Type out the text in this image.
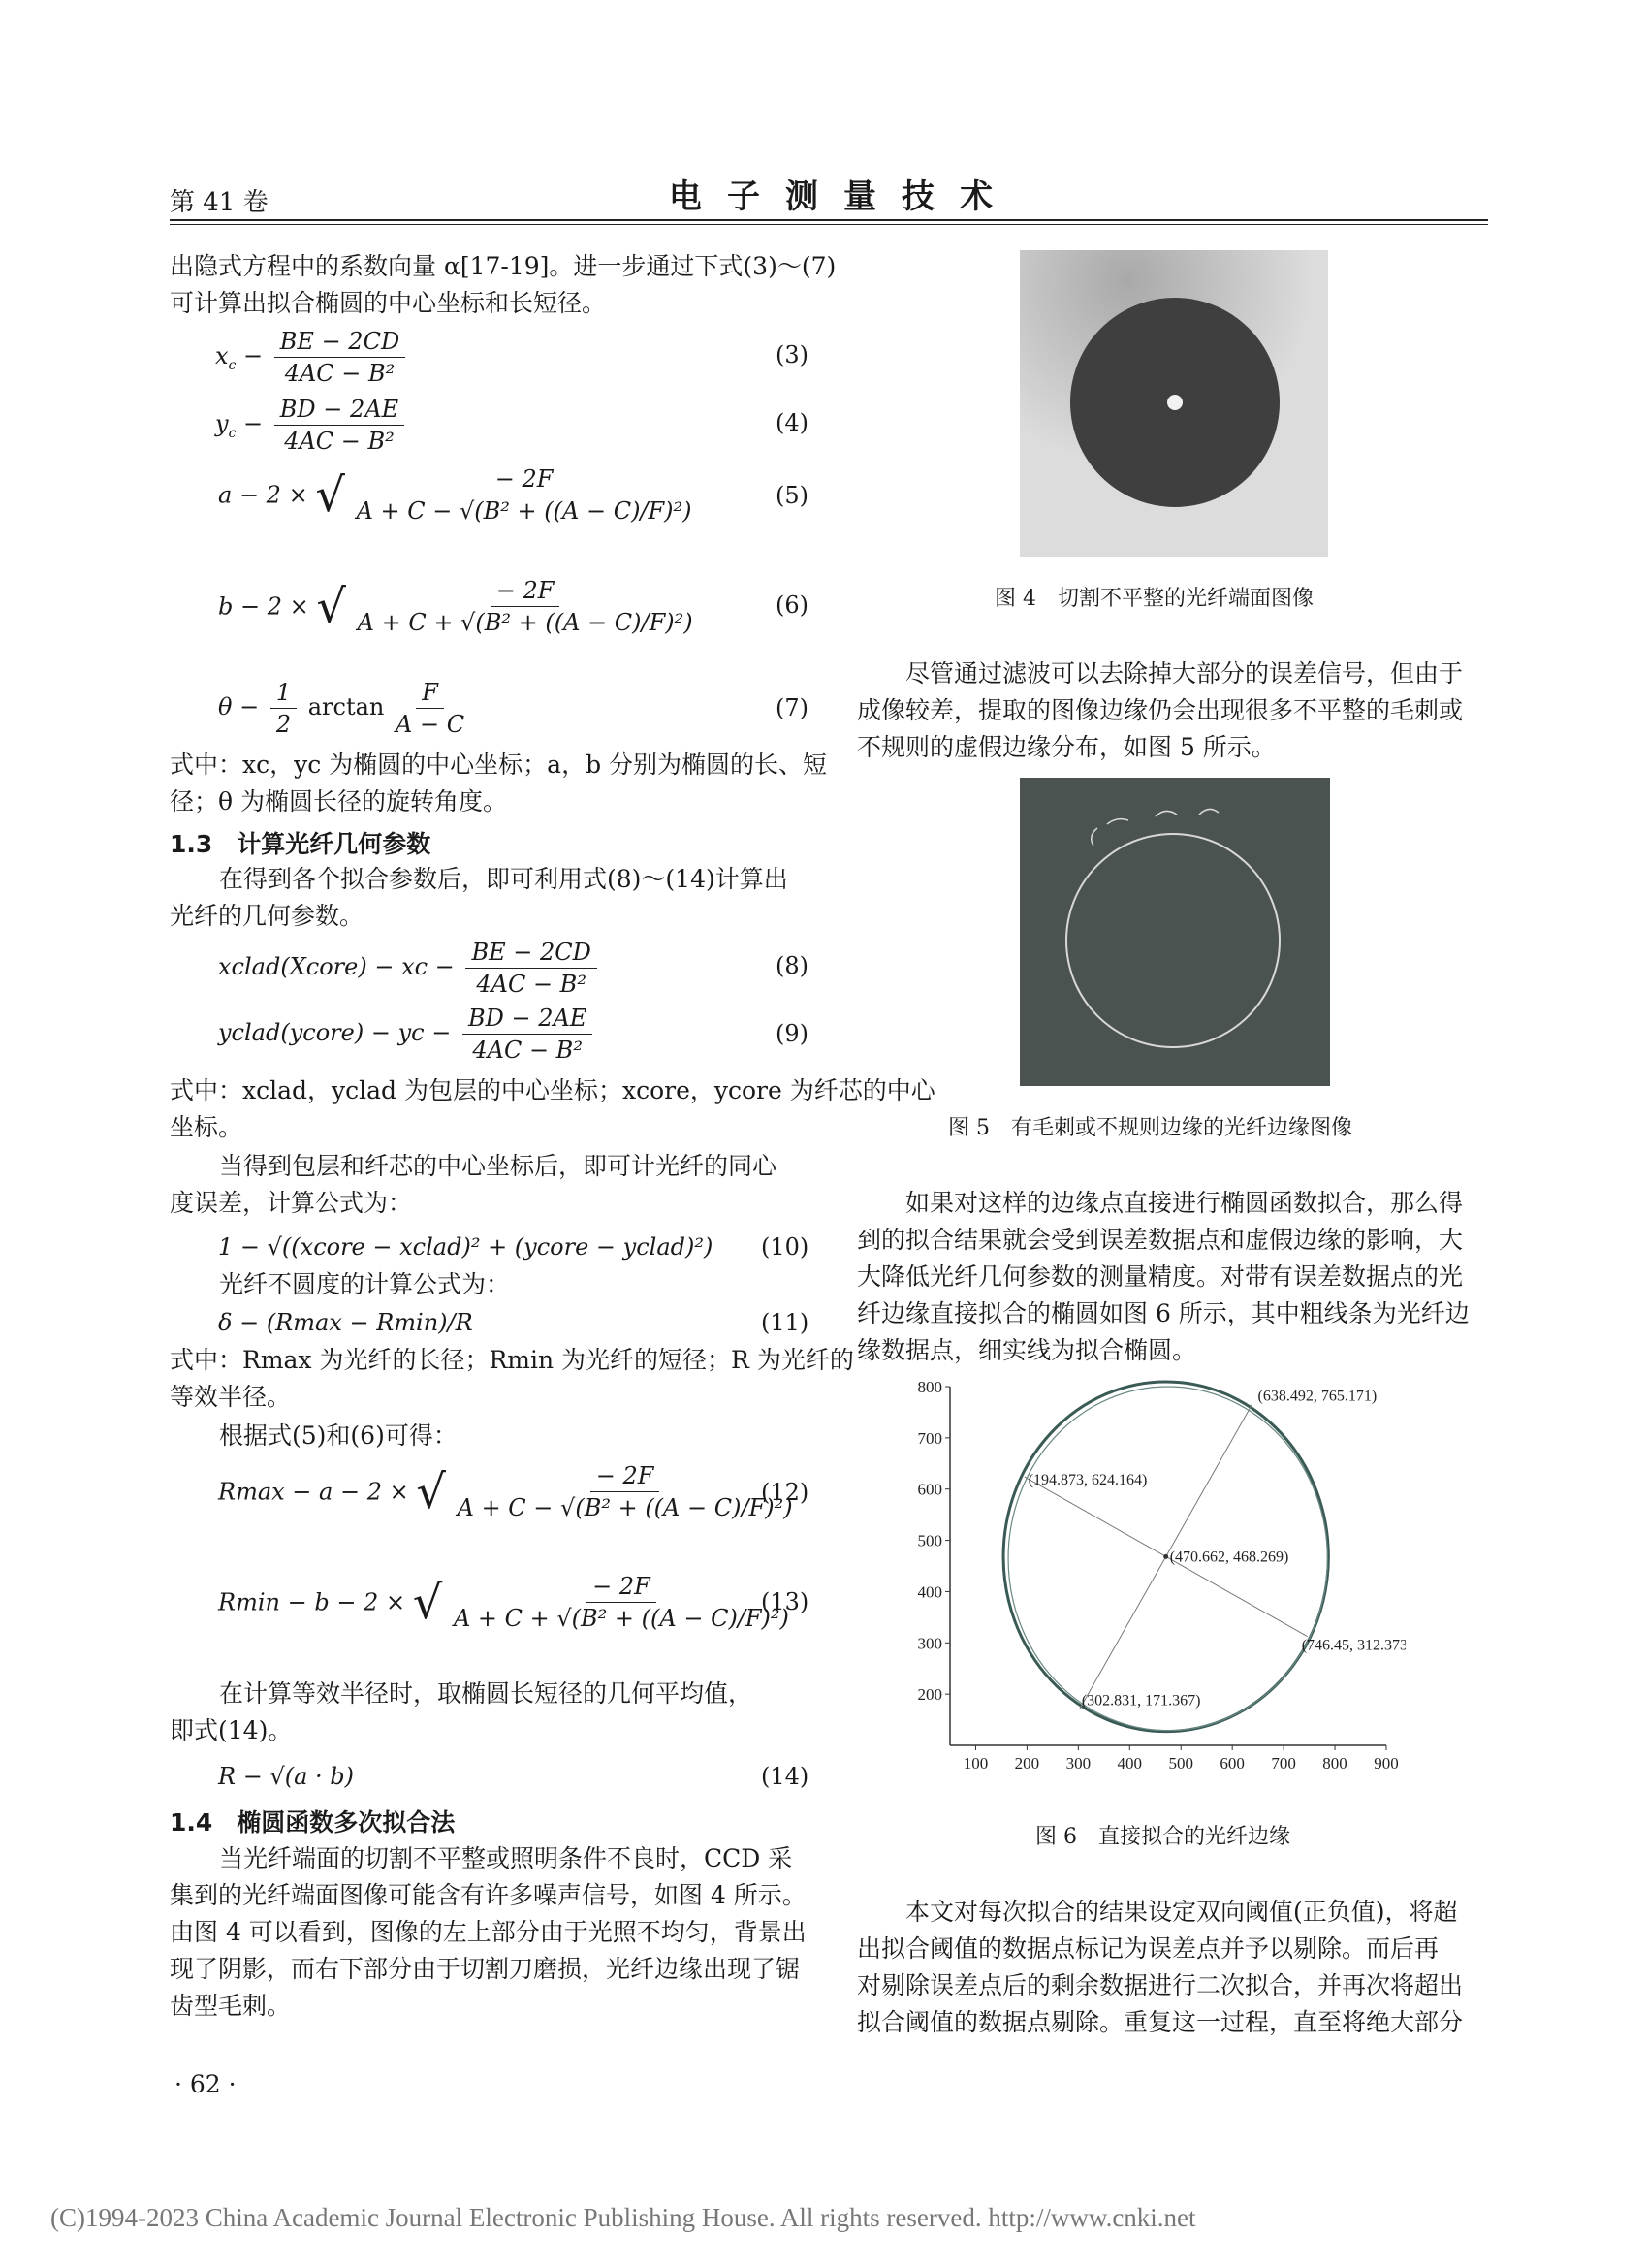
第 41 卷	电子测量技术
出隐式方程中的系数向量 α[17-19]。进一步通过下式(3)～(7)
可计算出拟合椭圆的中心坐标和长短径。
$x_c - \frac{BE - 2CD}{\text{4AC − B²}}$	(3)
$y_c - \frac{BD - 2AE}{\text{4AC − B²}}$	(4)
a − 2 × √ $\frac{- 2F}{\text{A + C − √(B² + ((A − C)/F)²)}}$	(5)
b − 2 × √ $\frac{- 2F}{\text{A + C + √(B² + ((A − C)/F)²)}}$	(6)
$\theta - \frac{1}{2}$ $\arctan \frac{F}{A - C}$	(7)
式中：xc，yc 为椭圆的中心坐标；a，b 分别为椭圆的长、短
径；θ 为椭圆长径的旋转角度。
1.3　计算光纤几何参数
在得到各个拟合参数后，即可利用式(8)～(14)计算出
光纤的几何参数。
xclad(Xcore) − xc − $\frac{BE - 2CD}{\text{4AC − B²}}$	(8)
yclad(ycore) − yc − $\frac{BD - 2AE}{\text{4AC − B²}}$	(9)
式中：xclad，yclad 为包层的中心坐标；xcore，ycore 为纤芯的中心
坐标。
当得到包层和纤芯的中心坐标后，即可计光纤的同心
度误差，计算公式为：
1 − √((xcore − xclad)² + (ycore − yclad)²) (10)
光纤不圆度的计算公式为：
δ − (Rmax − Rmin)/R	(11)
式中：Rmax 为光纤的长径；Rmin 为光纤的短径；R 为光纤的
等效半径。
根据式(5)和(6)可得：
Rmax − a − 2 × √ $\frac{- 2F}{\text{A + C − √(B² + ((A − C)/F)²)}}$
(12)
Rmin − b − 2 × √ $\frac{- 2F}{\text{A + C + √(B² + ((A − C)/F)²)}}$
(13)
在计算等效半径时，取椭圆长短径的几何平均值，
即式(14)。
R − √(a · b)	(14)
1.4　椭圆函数多次拟合法
当光纤端面的切割不平整或照明条件不良时，CCD 采
集到的光纤端面图像可能含有许多噪声信号，如图 4 所示。
由图 4 可以看到，图像的左上部分由于光照不均匀，背景出
现了阴影，而右下部分由于切割刀磨损，光纤边缘出现了锯
齿型毛刺。
图 4　切割不平整的光纤端面图像
尽管通过滤波可以去除掉大部分的误差信号，但由于
成像较差，提取的图像边缘仍会出现很多不平整的毛刺或
不规则的虚假边缘分布，如图 5 所示。
图 5　有毛刺或不规则边缘的光纤边缘图像
如果对这样的边缘点直接进行椭圆函数拟合，那么得
到的拟合结果就会受到误差数据点和虚假边缘的影响，大
大降低光纤几何参数的测量精度。对带有误差数据点的光
纤边缘直接拟合的椭圆如图 6 所示，其中粗线条为光纤边
缘数据点，细实线为拟合椭圆。
100 200 300 400 500 600 700 800 900
200
300
400
500
600
700
800
(470.662, 468.269)
(638.492, 765.171)
(194.873, 624.164)
(746.45, 312.373)
(302.831, 171.367)
图 6　直接拟合的光纤边缘
本文对每次拟合的结果设定双向阈值(正负值)，将超
出拟合阈值的数据点标记为误差点并予以剔除。而后再
对剔除误差点后的剩余数据进行二次拟合，并再次将超出
拟合阈值的数据点剔除。重复这一过程，直至将绝大部分
· 62 ·
(C)1994-2023 China Academic Journal Electronic Publishing House. All rights reserved. http://www.cnki.net
